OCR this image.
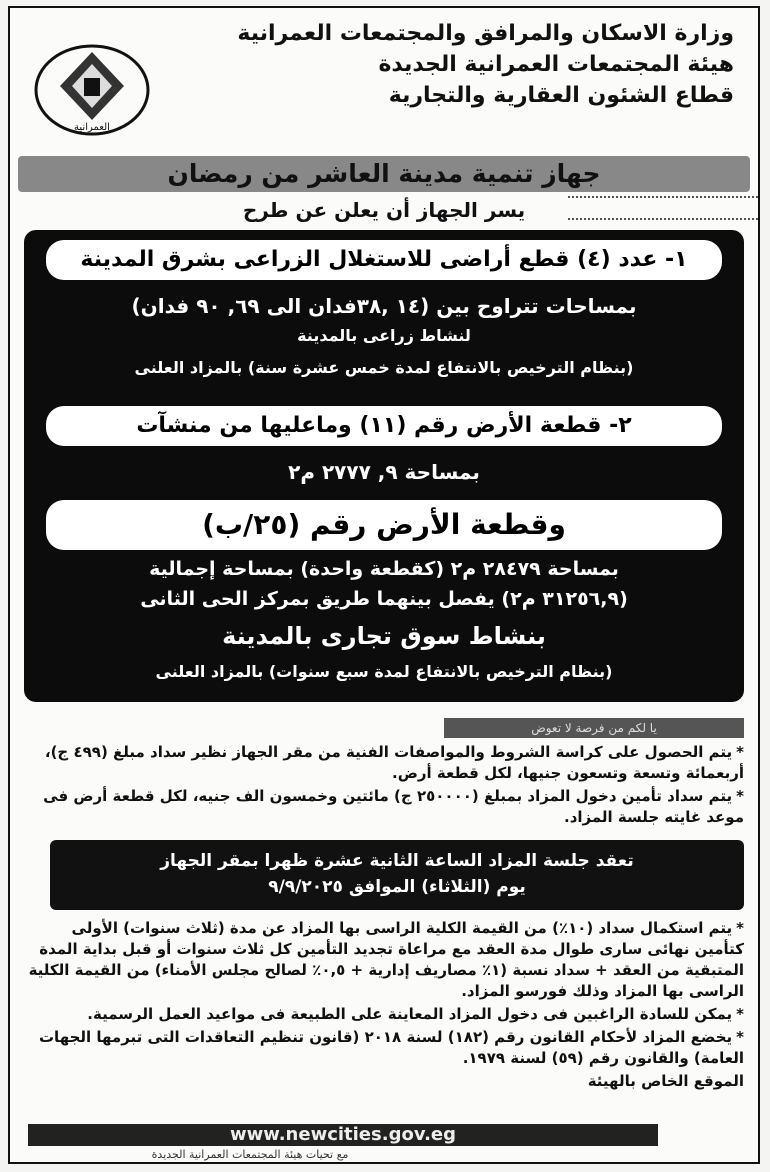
وزارة الاسكان والمرافق والمجتمعات العمرانية
هيئة المجتمعات العمرانية الجديدة
قطاع الشئون العقارية والتجارية
العمرانية
جهاز تنمية مدينة العاشر من رمضان
يسر الجهاز أن يعلن عن طرح
١- عدد (٤) قطع أراضى للاستغلال الزراعى بشرق المدينة
بمساحات تتراوح بين (١٤ ,٣٨فدان الى ٦٩, ٩٠ فدان)
لنشاط زراعى بالمدينة
(بنظام الترخيص بالانتفاع لمدة خمس عشرة سنة) بالمزاد العلنى
٢- قطعة الأرض رقم (١١) وماعليها من منشآت
بمساحة ٩, ٢٧٧٧ م٢
وقطعة الأرض رقم (٢٥/ب)
بمساحة ٢٨٤٧٩ م٢ (كقطعة واحدة) بمساحة إجمالية
(٣١٢٥٦,٩ م٢) يفصل بينهما طريق بمركز الحى الثانى
بنشاط سوق تجارى بالمدينة
(بنظام الترخيص بالانتفاع لمدة سبع سنوات) بالمزاد العلنى
يا لكم من فرصة لا تعوض

*يتم الحصول على كراسة الشروط والمواصفات الفنية من مقر الجهاز نظير سداد مبلغ (٤٩٩ ج)، أربعمائة وتسعة وتسعون جنيها، لكل قطعة أرض.

*يتم سداد تأمين دخول المزاد بمبلغ (٢٥٠٠٠٠ ج) مائتين وخمسون الف جنيه، لكل قطعة أرض فى موعد غايته جلسة المزاد.

تعقد جلسة المزاد الساعة الثانية عشرة ظهرا بمقر الجهاز
يوم (الثلاثاء) الموافق ٩/٩/٢٠٢٥

*يتم استكمال سداد (١٠٪) من القيمة الكلية الراسى بها المزاد عن مدة (ثلاث سنوات) الأولى كتأمين نهائى سارى طوال مدة العقد مع مراعاة تجديد التأمين كل ثلاث سنوات أو قبل بداية المدة المتبقية من العقد + سداد نسبة (١٪ مصاريف إدارية + ٠,٥٪ لصالح مجلس الأمناء) من القيمة الكلية الراسى بها المزاد وذلك فورسو المزاد.

*يمكن للسادة الراغبين فى دخول المزاد المعاينة على الطبيعة فى مواعيد العمل الرسمية.

*يخضع المزاد لأحكام القانون رقم (١٨٢) لسنة ٢٠١٨ (قانون تنظيم التعاقدات التى تبرمها الجهات العامة) والقانون رقم (٥٩) لسنة ١٩٧٩.

الموقع الخاص بالهيئة

www.newcities.gov.eg
مع تحيات هيئة المجتمعات العمرانية الجديدة
